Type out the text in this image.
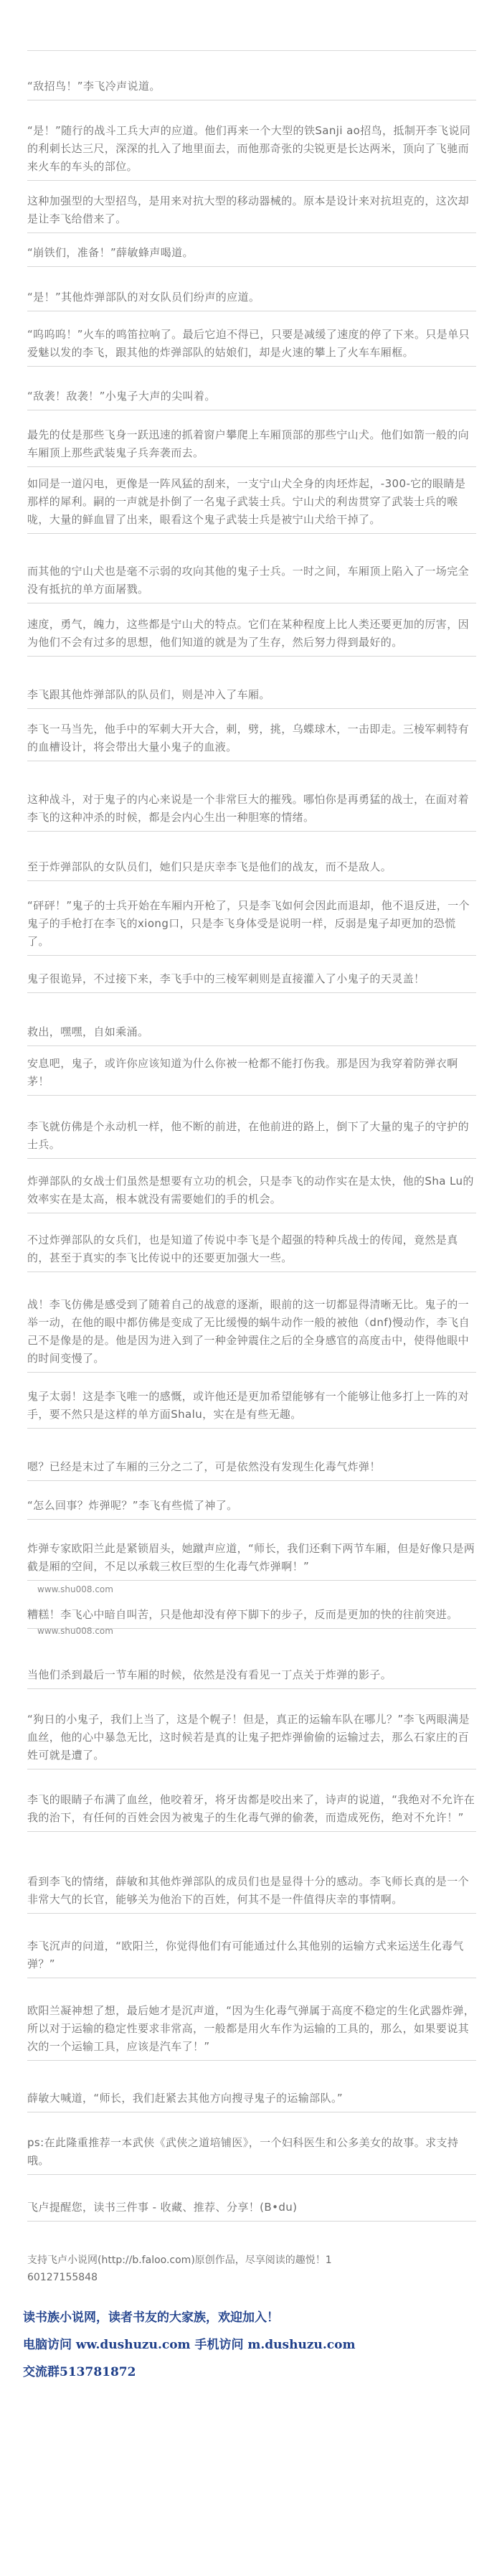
“敌招鸟！”李飞冷声说道。
“是！”随行的战斗工兵大声的应道。他们再来一个大型的铁Sanji ao招鸟，抵制开李飞说同的利刺长达三尺，深深的扎入了地里面去，而他那奇张的尖锐更是长达两米，顶向了飞驰而来火车的车头的部位。
这种加强型的大型招鸟，是用来对抗大型的移动器械的。原本是设计来对抗坦克的，这次却是让李飞给借来了。
“崩铁们，准备！”薛敏蜂声喝道。
“是！”其他炸弹部队的对女队员们纷声的应道。
“呜呜呜！”火车的鸣笛拉响了。最后它迫不得已，只要是减缓了速度的停了下来。只是单只爱魅以发的李飞，跟其他的炸弹部队的姑娘们，却是火速的攀上了火车车厢框。
“敌袭！敌袭！”小鬼子大声的尖叫着。
最先的仗是那些飞身一跃迅速的抓着窗户攀爬上车厢顶部的那些宁山犬。他们如箭一般的向车厢顶上那些武装鬼子兵奔袭而去。
如同是一道闪电，更像是一阵风猛的刮来，一支宁山犬全身的肉坯炸起，-300-它的眼睛是那样的犀利。嗣的一声就是扑倒了一名鬼子武装士兵。宁山犬的利齿贯穿了武装士兵的喉咙，大量的鲜血冒了出来，眼看这个鬼子武装士兵是被宁山犬给干掉了。
而其他的宁山犬也是毫不示弱的攻向其他的鬼子士兵。一时之间，车厢顶上陷入了一场完全没有抵抗的单方面屠戮。
速度，勇气，魄力，这些都是宁山犬的特点。它们在某种程度上比人类还要更加的厉害，因为他们不会有过多的思想，他们知道的就是为了生存，然后努力得到最好的。
李飞跟其他炸弹部队的队员们，则是冲入了车厢。
李飞一马当先，他手中的军刺大开大合，刺，劈，挑，乌蝶球木，一击即走。三棱军刺特有的血槽设计，将会带出大量小鬼子的血液。
这种战斗，对于鬼子的内心来说是一个非常巨大的摧残。哪怕你是再勇猛的战士，在面对着李飞的这种冲杀的时候，都是会内心生出一种胆寒的情绪。
至于炸弹部队的女队员们，她们只是庆幸李飞是他们的战友，而不是敌人。
“砰砰！”鬼子的士兵开始在车厢内开枪了，只是李飞如何会因此而退却，他不退反进，一个鬼子的手枪打在李飞的xiong口，只是李飞身体受是说明一样，反弱是鬼子却更加的恐慌了。
鬼子很诡异，不过接下来，李飞手中的三棱军刺则是直接灌入了小鬼子的天灵盖！
救出，嘿嘿，自如乘涌。
安息吧，鬼子，或许你应该知道为什么你被一枪都不能打伤我。那是因为我穿着防弹衣啊茅！
李飞就仿佛是个永动机一样，他不断的前进，在他前进的路上，倒下了大量的鬼子的守护的士兵。
炸弹部队的女战士们虽然是想要有立功的机会，只是李飞的动作实在是太快，他的Sha Lu的效率实在是太高，根本就没有需要她们的手的机会。
不过炸弹部队的女兵们，也是知道了传说中李飞是个超强的特种兵战士的传闻，竟然是真的，甚至于真实的李飞比传说中的还要更加强大一些。
战！李飞仿佛是感受到了随着自己的战意的逐渐，眼前的这一切都显得清晰无比。鬼子的一举一动，在他的眼中都仿佛是变成了无比缓慢的蜗牛动作一般的被他（dnf)慢动作，李飞自己不是像是的是。他是因为进入到了一种金钟震住之后的全身感官的高度击中，使得他眼中的时间变慢了。
鬼子太弱！这是李飞唯一的感慨，或许他还是更加希望能够有一个能够让他多打上一阵的对手，要不然只是这样的单方面Shalu，实在是有些无趣。
嗯？已经是末过了车厢的三分之二了，可是依然没有发现生化毒气炸弹！
“怎么回事？炸弹呢？”李飞有些慌了神了。
炸弹专家欧阳兰此是紧锁眉头，她蹴声应道，“师长，我们还剩下两节车厢，但是好像只是两截是厢的空间，不足以承载三枚巨型的生化毒气炸弹啊！”
www.shu008.com
糟糕！李飞心中暗自叫苦，只是他却没有停下脚下的步子，反而是更加的快的往前突进。
www.shu008.com
当他们杀到最后一节车厢的时候，依然是没有看见一丁点关于炸弹的影子。
“狗日的小鬼子，我们上当了，这是个幌子！但是，真正的运输车队在哪儿？”李飞两眼满是血丝，他的心中暴急无比，这时候若是真的让鬼子把炸弹偷偷的运输过去，那么石家庄的百姓可就是遭了。
李飞的眼睛子布满了血丝，他咬着牙，将牙齿都是咬出来了，诗声的说道，“我绝对不允许在我的治下，有任何的百姓会因为被鬼子的生化毒气弹的偷袭，而造成死伤，绝对不允许！”
看到李飞的情绪，薛敏和其他炸弹部队的成员们也是显得十分的感动。李飞师长真的是一个非常大气的长官，能够关为他治下的百姓，何其不是一件值得庆幸的事情啊。
李飞沉声的问道，“欧阳兰，你觉得他们有可能通过什么其他别的运输方式来运送生化毒气弹？”
欧阳兰凝神想了想，最后她才是沉声道，“因为生化毒气弹属于高度不稳定的生化武器炸弹，所以对于运输的稳定性要求非常高，一般都是用火车作为运输的工具的，那么，如果要说其次的一个运输工具，应该是汽车了！”
薛敏大喊道，“师长，我们赶紧去其他方向搜寻鬼子的运输部队。”
ps:在此隆重推荐一本武侠《武侠之道培铺医》，一个妇科医生和公多美女的故事。求支持哦。
飞卢提醒您，读书三件事 - 收藏、推荐、分享！(B•du)
支持飞卢小说网(http://b.faloo.com)原创作品，尽享阅读的趣悦！1
60127155848
读书族小说网，读者书友的大家族，欢迎加入！
电脑访问 ww.dushuzu.com 手机访问 m.dushuzu.com
交流群513781872
